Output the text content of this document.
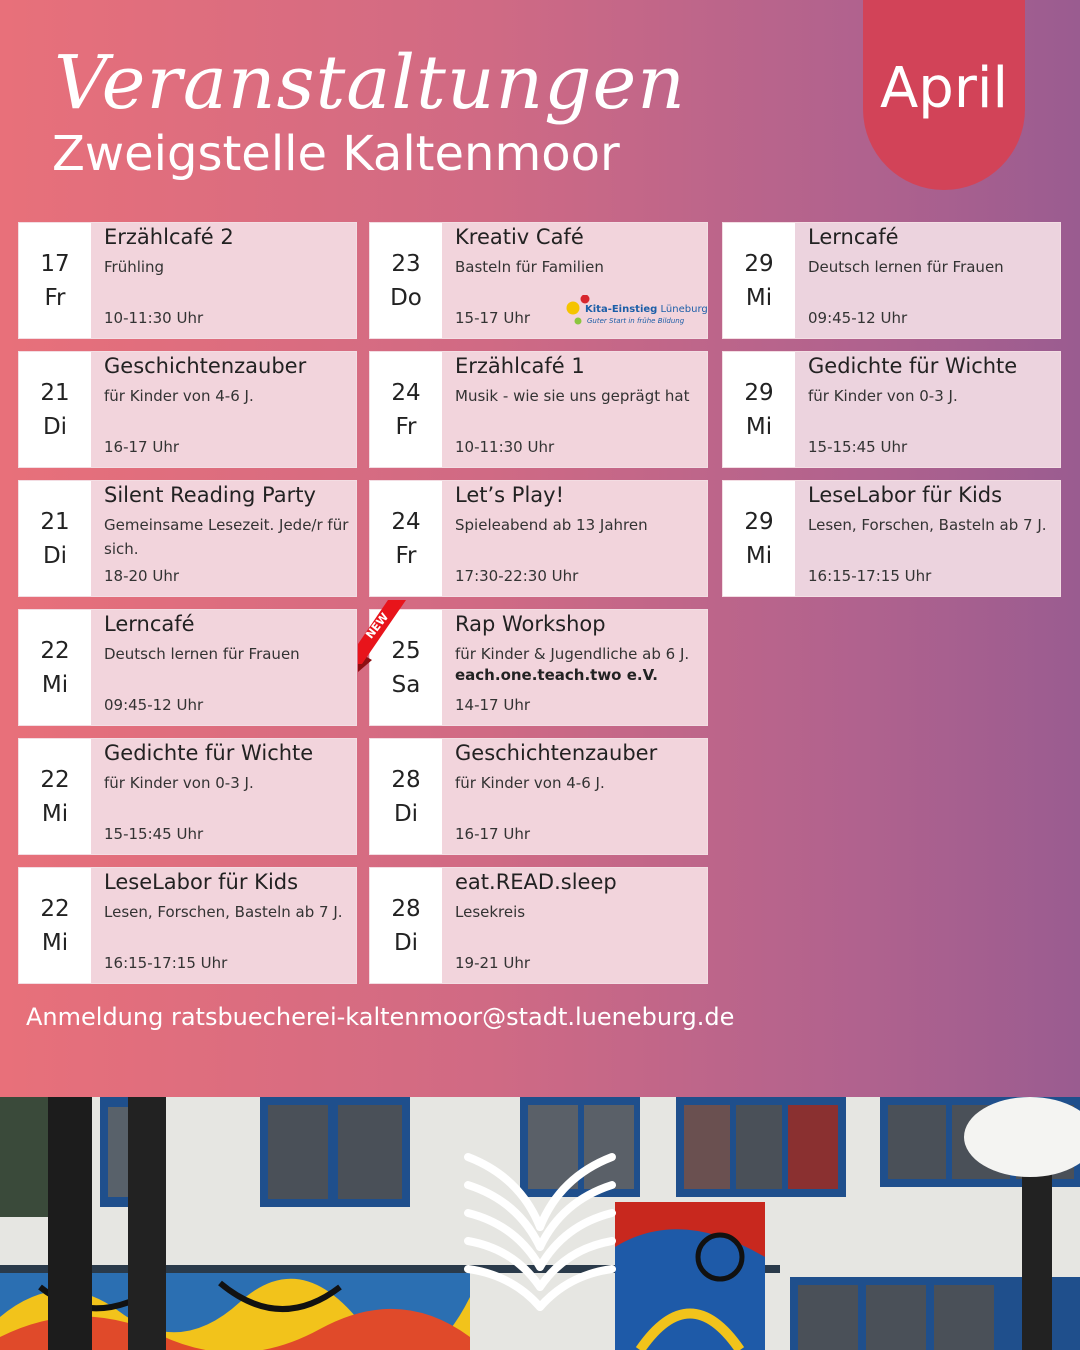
Veranstaltungen
Zweigstelle Kaltenmoor
April
17
Fr
Erzählcafé 2
Frühling
10-11:30 Uhr
21
Di
Geschichtenzauber
für Kinder von 4-6 J.
16-17 Uhr
21
Di
Silent Reading Party
Gemeinsame Lesezeit. Jede/r für sich.
18-20 Uhr
22
Mi
Lerncafé
Deutsch lernen für Frauen
09:45-12 Uhr
22
Mi
Gedichte für Wichte
für Kinder von 0-3 J.
15-15:45 Uhr
22
Mi
LeseLabor für Kids
Lesen, Forschen, Basteln ab 7 J.
16:15-17:15 Uhr
23
Do
Kreativ Café
Basteln für Familien
15-17 Uhr	Kita-Einstieg Lüneburg
Guter Start in frühe Bildung
24
Fr
Erzählcafé 1
Musik - wie sie uns geprägt hat
10-11:30 Uhr
24
Fr
Let’s Play!
Spieleabend ab 13 Jahren
17:30-22:30 Uhr
25
Sa
Rap Workshop
für Kinder & Jugendliche ab 6 J.
each.one.teach.two e.V.
14-17 Uhr
28
Di
Geschichtenzauber
für Kinder von 4-6 J.
16-17 Uhr
28
Di
eat.READ.sleep
Lesekreis
19-21 Uhr
29
Mi
Lerncafé
Deutsch lernen für Frauen
09:45-12 Uhr
29
Mi
Gedichte für Wichte
für Kinder von 0-3 J.
15-15:45 Uhr
29
Mi
LeseLabor für Kids
Lesen, Forschen, Basteln ab 7 J.
16:15-17:15 Uhr
NEW
Anmeldung ratsbuecherei-kaltenmoor@stadt.lueneburg.de
